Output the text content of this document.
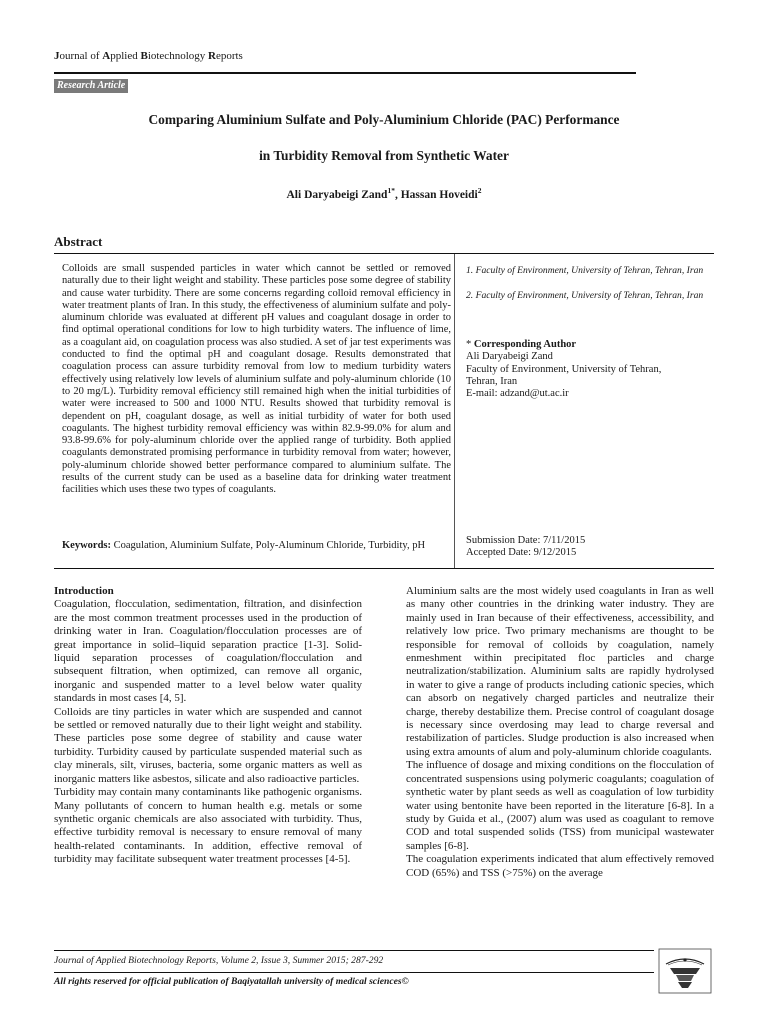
Journal of Applied Biotechnology Reports
Research Article
Comparing Aluminium Sulfate and Poly-Aluminium Chloride (PAC) Performance
in Turbidity Removal from Synthetic Water
Ali Daryabeigi Zand$^{1*}$, Hassan Hoveidi$^2$
Abstract
Colloids are small suspended particles in water which cannot be settled or removed naturally due to their light weight and stability. These particles pose some degree of stability and cause water turbidity. There are some concerns regarding colloid removal efficiency in water treatment plants of Iran. In this study, the effectiveness of aluminium sulfate and poly-aluminum chloride was evaluated at different pH values and coagulant dosage in order to find optimal operational conditions for low to high turbidity waters. The influence of lime, as a coagulant aid, on coagulation process was also studied. A set of jar test experiments was conducted to find the optimal pH and coagulant dosage. Results demonstrated that coagulation process can assure turbidity removal from low to medium turbidity waters effectively using relatively low levels of aluminium sulfate and poly-aluminum chloride (10 to 20 mg/L). Turbidity removal efficiency still remained high when the initial turbidities of water were increased to 500 and 1000 NTU. Results showed that turbidity removal is dependent on pH, coagulant dosage, as well as initial turbidity of water for both used coagulants. The highest turbidity removal efficiency was within 82.9-99.0% for alum and 93.8-99.6% for poly-aluminum chloride over the applied range of turbidity. Both applied coagulants demonstrated promising performance in turbidity removal from water; however, poly-aluminum chloride showed better performance compared to aluminium sulfate. The results of the current study can be used as a baseline data for drinking water treatment facilities which uses these two types of coagulants.
Keywords: Coagulation, Aluminium Sulfate, Poly-Aluminum Chloride, Turbidity, pH
1. Faculty of Environment, University of Tehran, Tehran, Iran
2. Faculty of Environment, University of Tehran, Tehran, Iran
* Corresponding Author
Ali Daryabeigi Zand
Faculty of Environment, University of Tehran,
Tehran, Iran
E-mail: adzand@ut.ac.ir
Submission Date: 7/11/2015
Accepted Date: 9/12/2015
Introduction

Coagulation, flocculation, sedimentation, filtration, and disinfection are the most common treatment processes used in the production of drinking water in Iran. Coagulation/flocculation processes are of great importance in solid–liquid separation practice [1-3]. Solid-liquid separation processes of coagulation/flocculation and subsequent filtration, when optimized, can remove all organic, inorganic and suspended matter to a level below water quality standards in most cases [4, 5].

Colloids are tiny particles in water which are suspended and cannot be settled or removed naturally due to their light weight and stability. These particles pose some degree of stability and cause water turbidity. Turbidity caused by particulate suspended material such as clay minerals, silt, viruses, bacteria, some organic matters as well as inorganic matters like asbestos, silicate and also radioactive particles.

Turbidity may contain many contaminants like pathogenic organisms. Many pollutants of concern to human health e.g. metals or some synthetic organic chemicals are also associated with turbidity. Thus, effective turbidity removal is necessary to ensure removal of many health-related contaminants. In addition, effective removal of turbidity may facilitate subsequent water treatment processes [4-5].

Aluminium salts are the most widely used coagulants in Iran as well as many other countries in the drinking water industry. They are mainly used in Iran because of their effectiveness, accessibility, and relatively low price. Two primary mechanisms are thought to be responsible for removal of colloids by coagulation, namely enmeshment within precipitated floc particles and charge neutralization/stabilization. Aluminium salts are rapidly hydrolysed in water to give a range of products including cationic species, which can absorb on negatively charged particles and neutralize their charge, thereby destabilize them. Precise control of coagulant dosage is necessary since overdosing may lead to charge reversal and restabilization of particles. Sludge production is also increased when using extra amounts of alum and poly-aluminum chloride coagulants.

The influence of dosage and mixing conditions on the flocculation of concentrated suspensions using polymeric coagulants; coagulation of synthetic water by plant seeds as well as coagulation of low turbidity water using bentonite have been reported in the literature [6-8]. In a study by Guida et al., (2007) alum was used as coagulant to remove COD and total suspended solids (TSS) from municipal wastewater samples [6-8].

The coagulation experiments indicated that alum effectively removed COD (65%) and TSS (>75%) on the average

Journal of Applied Biotechnology Reports, Volume 2, Issue 3, Summer 2015; 287-292
All rights reserved for official publication of Baqiyatallah university of medical sciences©
